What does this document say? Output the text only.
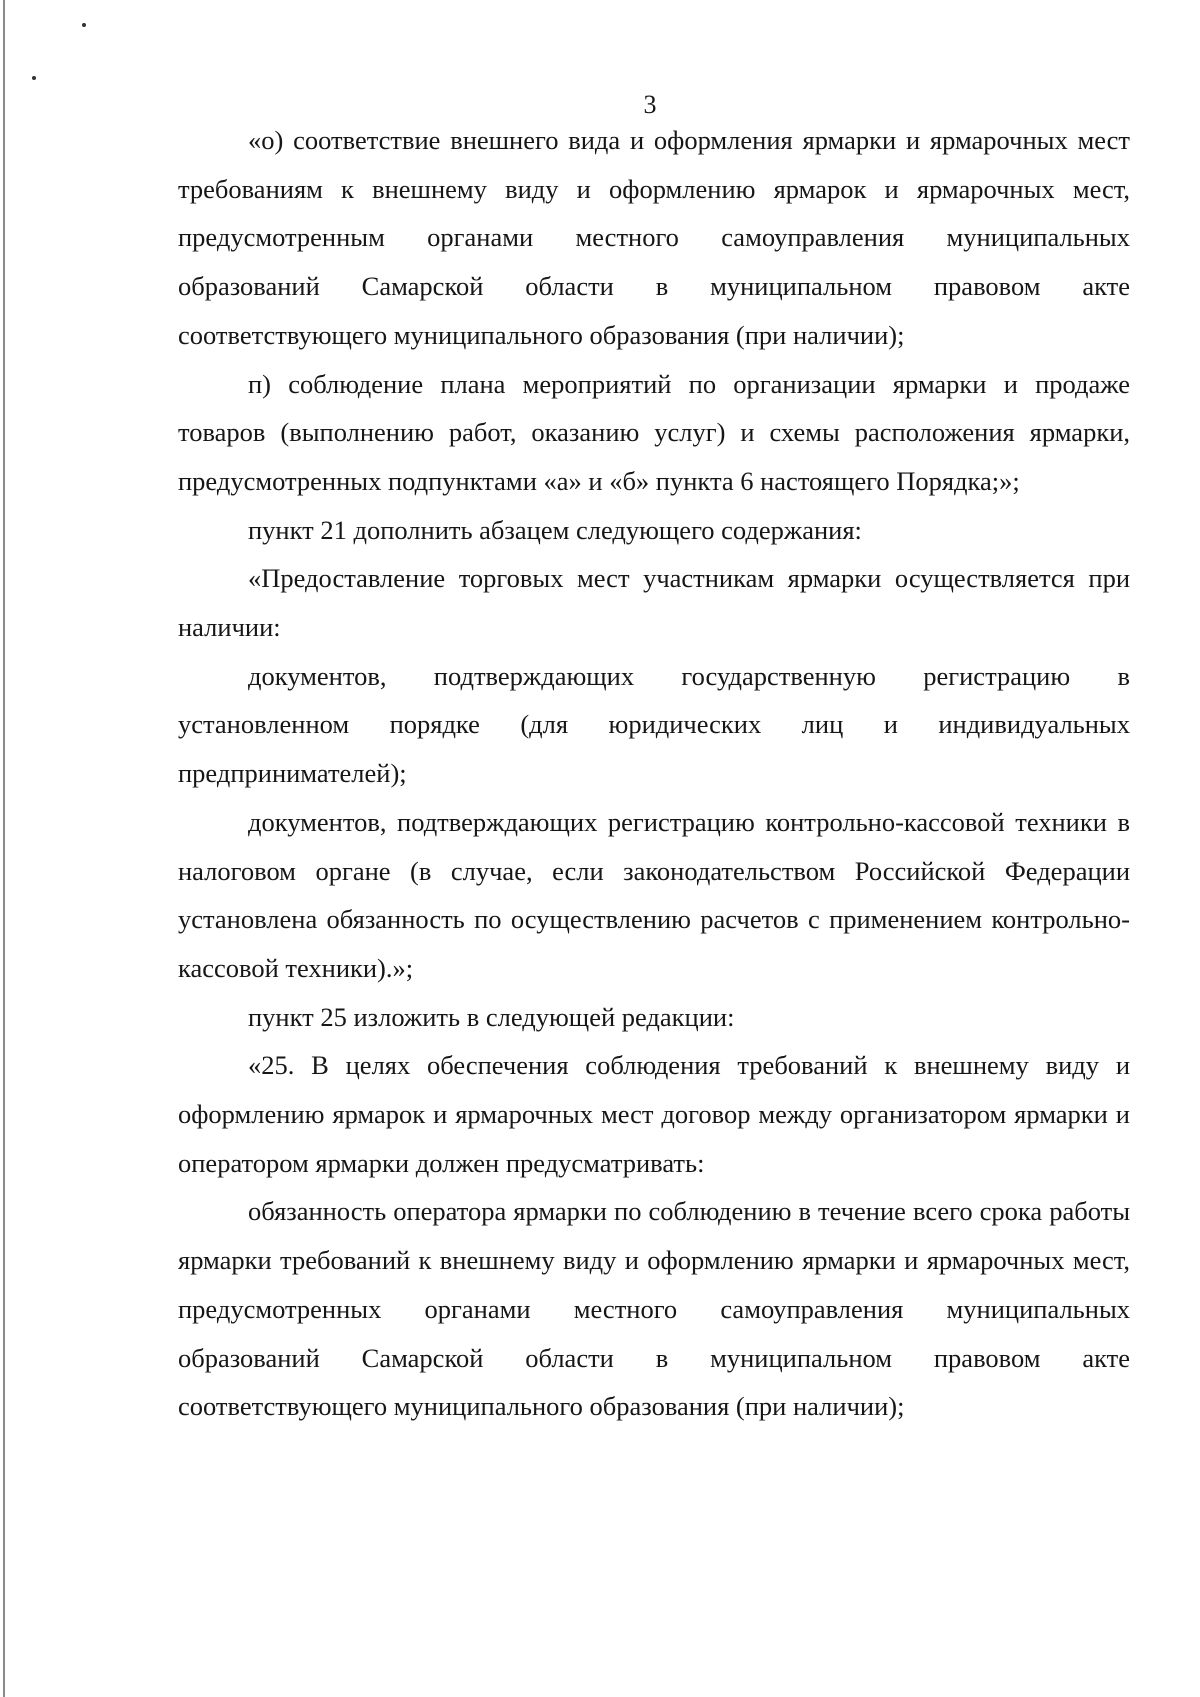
3

«о) соответствие внешнего вида и оформления ярмарки и ярмарочных мест требованиям к внешнему виду и оформлению ярмарок и ярмарочных мест, предусмотренным органами местного самоуправления муниципальных образований Самарской области в муниципальном правовом акте соответствующего муниципального образования (при наличии);

п) соблюдение плана мероприятий по организации ярмарки и продаже товаров (выполнению работ, оказанию услуг) и схемы расположения ярмарки, предусмотренных подпунктами «а» и «б» пункта 6 настоящего Порядка;»;

пункт 21 дополнить абзацем следующего содержания:

«Предоставление торговых мест участникам ярмарки осуществляется при наличии:

документов, подтверждающих государственную регистрацию в установленном порядке (для юридических лиц и индивидуальных предпринимателей);

документов, подтверждающих регистрацию контрольно-кассовой техники в налоговом органе (в случае, если законодательством Российской Федерации установлена обязанность по осуществлению расчетов с применением контрольно-кассовой техники).»;

пункт 25 изложить в следующей редакции:

«25. В целях обеспечения соблюдения требований к внешнему виду и оформлению ярмарок и ярмарочных мест договор между организатором ярмарки и оператором ярмарки должен предусматривать:

обязанность оператора ярмарки по соблюдению в течение всего срока работы ярмарки требований к внешнему виду и оформлению ярмарки и ярмарочных мест, предусмотренных органами местного самоуправления муниципальных образований Самарской области в муниципальном правовом акте соответствующего муниципального образования (при наличии);
